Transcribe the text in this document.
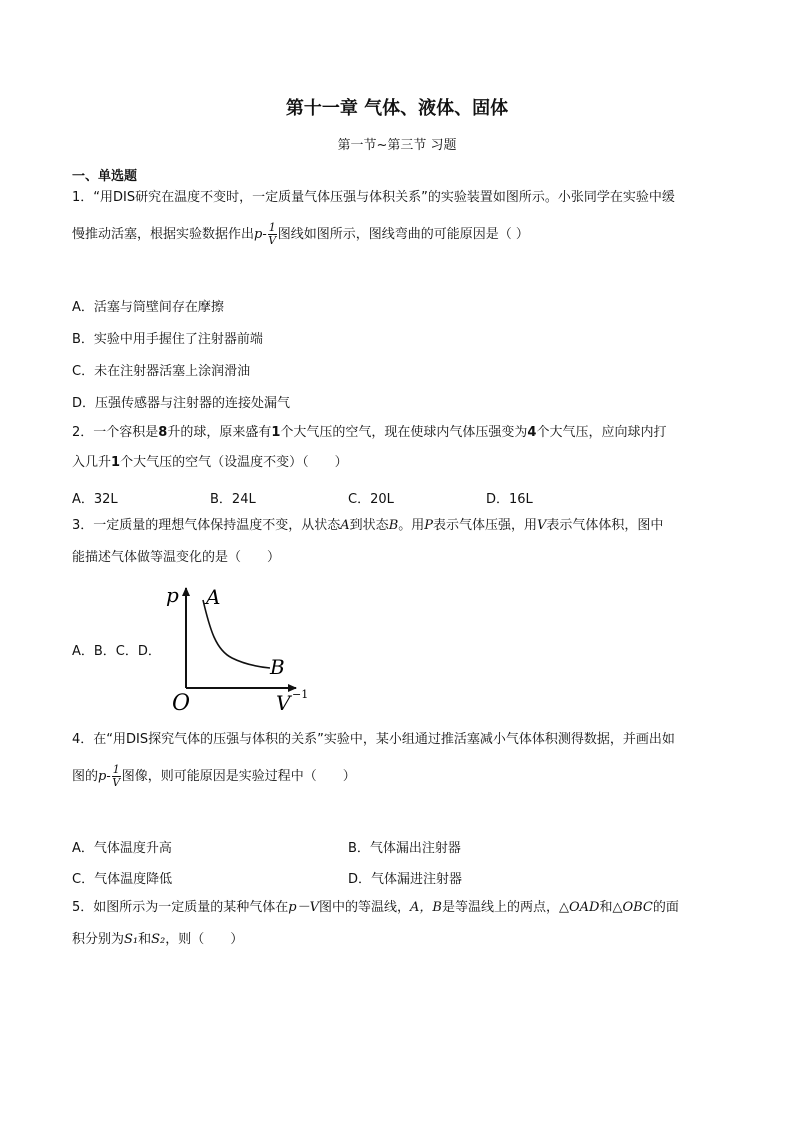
第十一章 气体、液体、固体
第一节~第三节 习题
一、单选题
1．“用DIS研究在温度不变时，一定质量气体压强与体积关系”的实验装置如图所示。小张同学在实验中缓
慢推动活塞，根据实验数据作出$p- \frac{1}{V}$ 图线如图所示，图线弯曲的可能原因是（ ）
A．活塞与筒壁间存在摩擦
B．实验中用手握住了注射器前端
C．未在注射器活塞上涂润滑油
D．压强传感器与注射器的连接处漏气
2．一个容积是8升的球，原来盛有1个大气压的空气，现在使球内气体压强变为4个大气压，应向球内打
入几升1个大气压的空气（设温度不变）（　　）
A．32L	B．24L	C．20L	D．16L
3．一定质量的理想气体保持温度不变，从状态A到状态B。用P表示气体压强，用V表示气体体积，图中
能描述气体做等温变化的是（　　）
A．B．C．D．
p A
B
O	V −1
4．在“用DIS探究气体的压强与体积的关系”实验中，某小组通过推活塞减小气体体积测得数据，并画出如
图的$p- \frac{1}{V}$ 图像，则可能原因是实验过程中（　　）
A．气体温度升高	B．气体漏出注射器
C．气体温度降低	D．气体漏进注射器
5．如图所示为一定质量的某种气体在p－V图中的等温线，A，B是等温线上的两点，△OAD和△OBC的面
积分别为S₁和S₂，则（　　）
